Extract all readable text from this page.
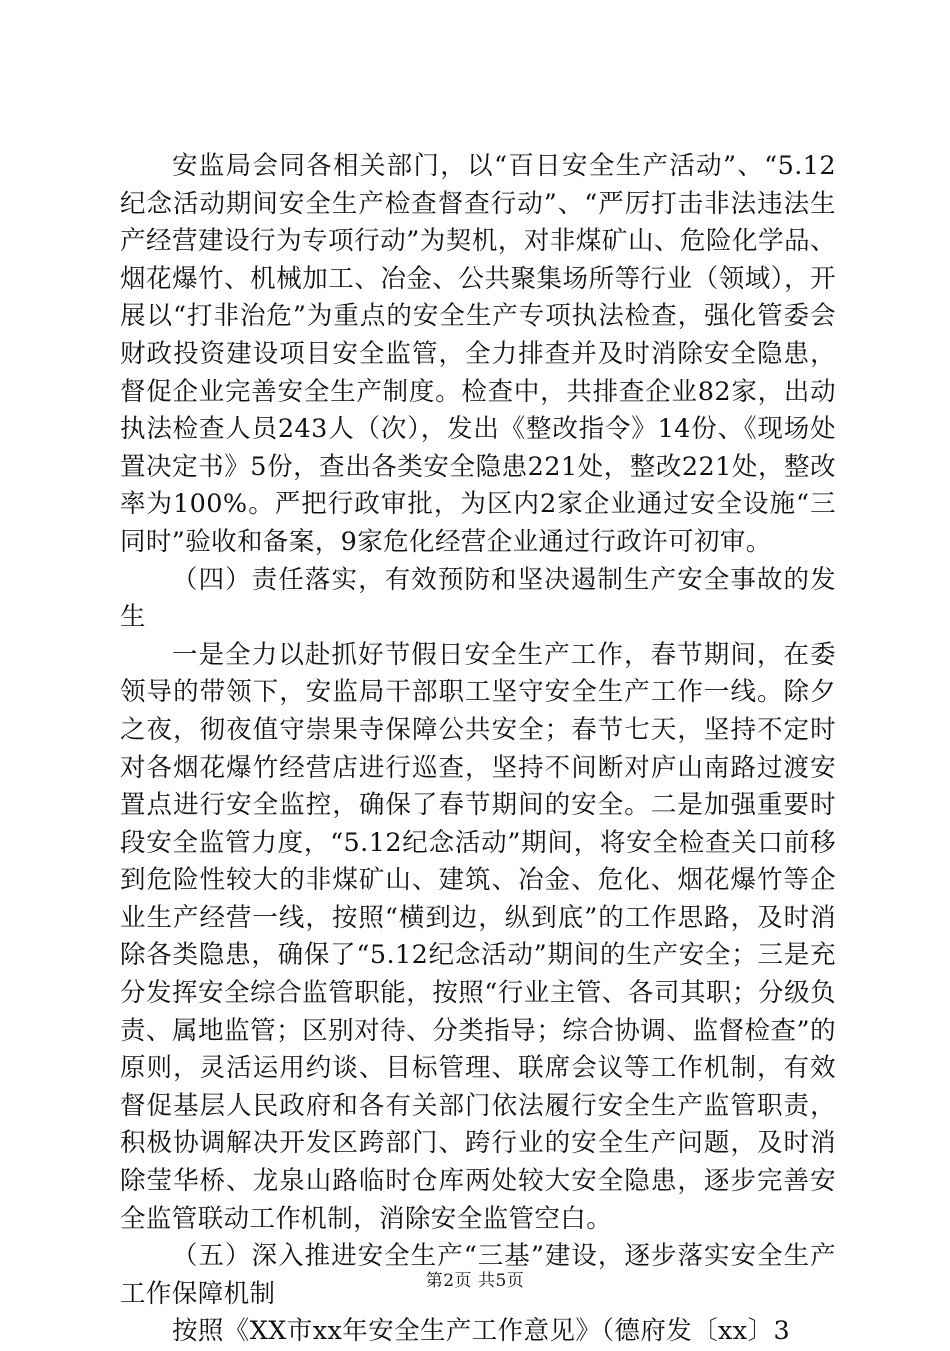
安监局会同各相关部门，以“百日安全生产活动”、“5.12纪念活动期间安全生产检查督查行动”、“严厉打击非法违法生产经营建设行为专项行动”为契机，对非煤矿山、危险化学品、烟花爆竹、机械加工、冶金、公共聚集场所等行业（领域），开展以“打非治危”为重点的安全生产专项执法检查，强化管委会财政投资建设项目安全监管，全力排查并及时消除安全隐患，督促企业完善安全生产制度。检查中，共排查企业82家，出动执法检查人员243人（次），发出《整改指令》14份、《现场处置决定书》5份，查出各类安全隐患221处，整改221处，整改率为100%。严把行政审批，为区内2家企业通过安全设施“三同时”验收和备案，9家危化经营企业通过行政许可初审。

（四）责任落实，有效预防和坚决遏制生产安全事故的发生

一是全力以赴抓好节假日安全生产工作，春节期间，在委领导的带领下，安监局干部职工坚守安全生产工作一线。除夕之夜，彻夜值守崇果寺保障公共安全；春节七天，坚持不定时对各烟花爆竹经营店进行巡查，坚持不间断对庐山南路过渡安置点进行安全监控，确保了春节期间的安全。二是加强重要时段安全监管力度，“5.12纪念活动”期间，将安全检查关口前移到危险性较大的非煤矿山、建筑、冶金、危化、烟花爆竹等企业生产经营一线，按照“横到边，纵到底”的工作思路，及时消除各类隐患，确保了“5.12纪念活动”期间的生产安全；三是充分发挥安全综合监管职能，按照“行业主管、各司其职；分级负责、属地监管；区别对待、分类指导；综合协调、监督检查”的原则，灵活运用约谈、目标管理、联席会议等工作机制，有效督促基层人民政府和各有关部门依法履行安全生产监管职责，积极协调解决开发区跨部门、跨行业的安全生产问题，及时消除莹华桥、龙泉山路临时仓库两处较大安全隐患，逐步完善安全监管联动工作机制，消除安全监管空白。

（五）深入推进安全生产“三基”建设，逐步落实安全生产工作保障机制

按照《XX市xx年安全生产工作意见》（德府发〔xx〕3

第2页 共5页
